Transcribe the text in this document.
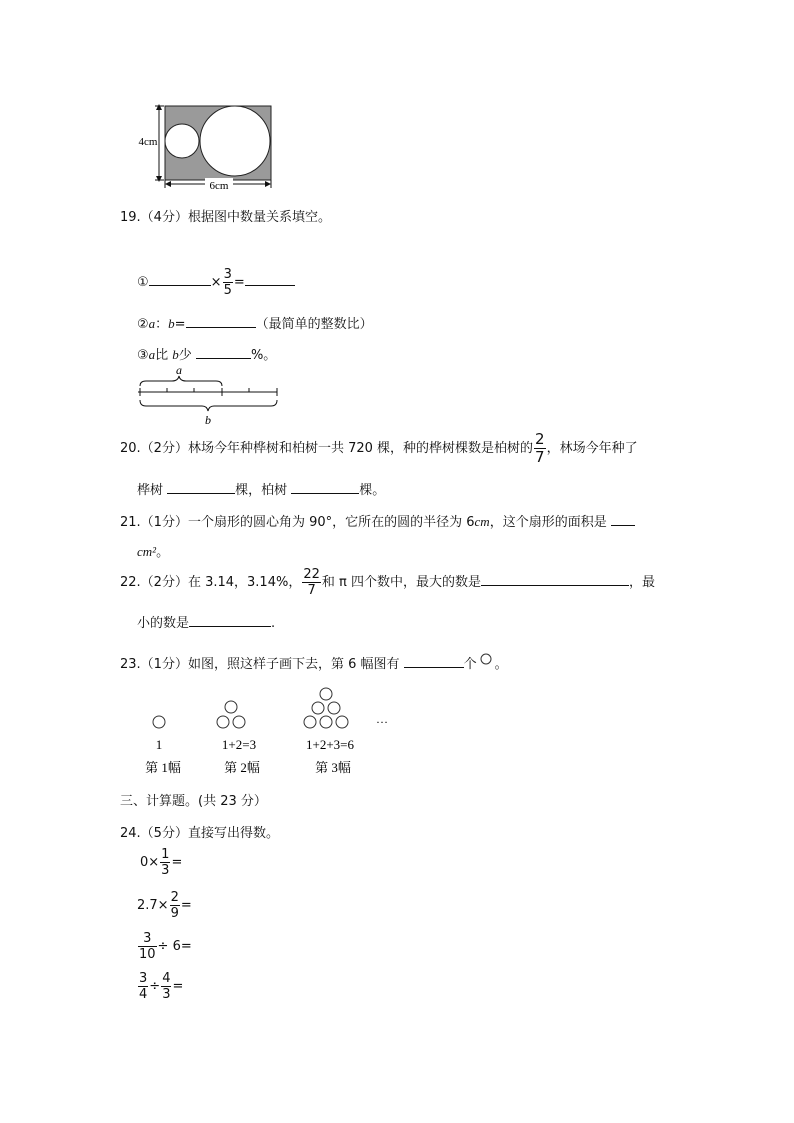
6cm
4cm
19.（4分）根据图中数量关系填空。
①	× $\frac{3}{5}$ =
②a：b=	（最简单的整数比）
③a比 b少	%。
a
b
20.（2分）林场今年种桦树和柏树一共 720 棵，种的桦树棵数是柏树的 $\frac{2}{7}$ ，林场今年种了
桦树	棵，柏树	棵。
21.（1分）一个扇形的圆心角为 90°，它所在的圆的半径为 6cm，这个扇形的面积是
cm²。
22.（2分）在 3.14，3.14%， $\frac{22}{7}$ 和 π 四个数中，最大的数是	，最
小的数是	.
23.（1分）如图，照这样子画下去，第 6 幅图有	个 。
…
1	1+2=3	1+2+3=6
第 1幅	第 2幅	第 3幅
三、计算题。(共 23 分）
24.（5分）直接写出得数。
$0\times \frac{1}{3}$ =
$2.7\times \frac{2}{9}$ =
$\frac{3}{10} \div 6=$
$\frac{3}{4} \div \frac{4}{3}$ =
